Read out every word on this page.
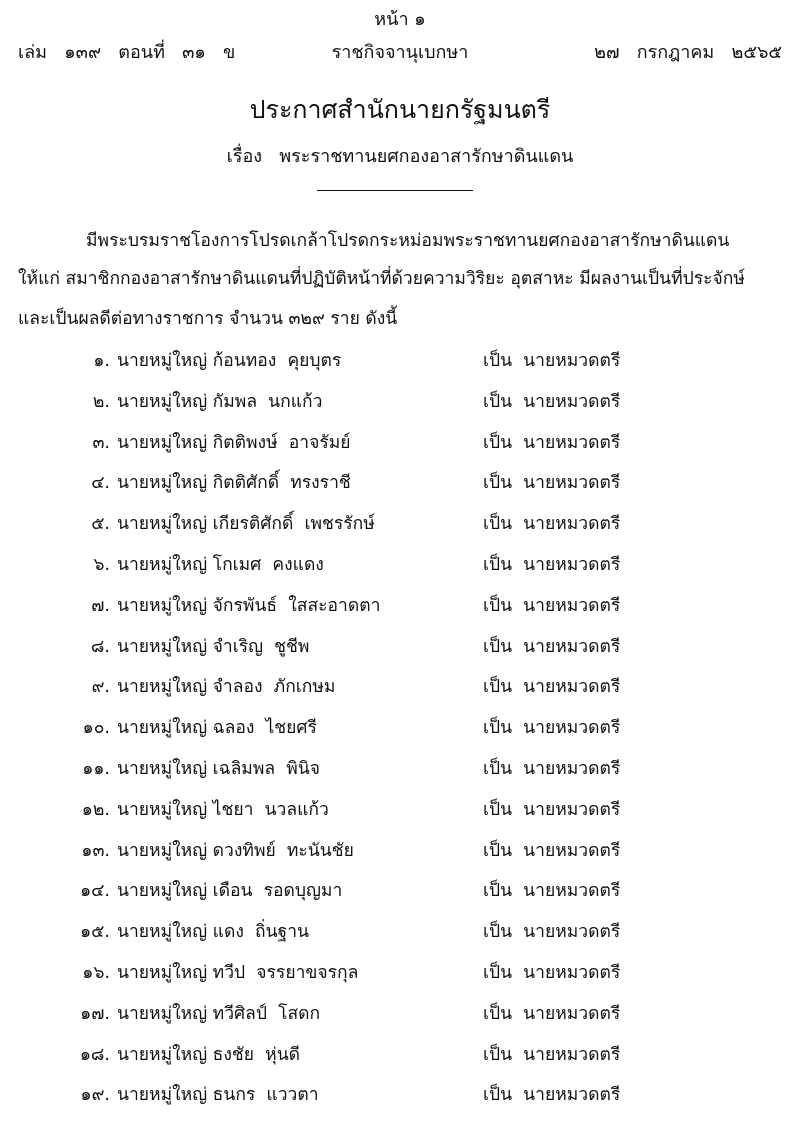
หน้า ๑
ราชกิจจานุเบกษา
เล่ม   ๑๓๙   ตอนที่   ๓๑   ข	๒๗   กรกฎาคม   ๒๕๖๕
ประกาศสำนักนายกรัฐมนตรี
เรื่อง   พระราชทานยศกองอาสารักษาดินแดน
มีพระบรมราชโองการโปรดเกล้าโปรดกระหม่อมพระราชทานยศกองอาสารักษาดินแดน
ให้แก่ สมาชิกกองอาสารักษาดินแดนที่ปฏิบัติหน้าที่ด้วยความวิริยะ อุตสาหะ มีผลงานเป็นที่ประจักษ์
และเป็นผลดีต่อทางราชการ จำนวน ๓๒๙ ราย ดังนี้
๑. นายหมู่ใหญ่ ก้อนทอง  คุยบุตร	เป็น  นายหมวดตรี
๒. นายหมู่ใหญ่ กัมพล  นกแก้ว	เป็น  นายหมวดตรี
๓. นายหมู่ใหญ่ กิตติพงษ์  อาจรัมย์	เป็น  นายหมวดตรี
๔. นายหมู่ใหญ่ กิตติศักดิ์  ทรงราชี	เป็น  นายหมวดตรี
๕. นายหมู่ใหญ่ เกียรติศักดิ์  เพชรรักษ์	เป็น  นายหมวดตรี
๖. นายหมู่ใหญ่ โกเมศ  คงแดง	เป็น  นายหมวดตรี
๗. นายหมู่ใหญ่ จักรพันธ์  ใสสะอาดตา	เป็น  นายหมวดตรี
๘. นายหมู่ใหญ่ จำเริญ  ชูชีพ	เป็น  นายหมวดตรี
๙. นายหมู่ใหญ่ จำลอง  ภักเกษม	เป็น  นายหมวดตรี
๑๐. นายหมู่ใหญ่ ฉลอง  ไชยศรี	เป็น  นายหมวดตรี
๑๑. นายหมู่ใหญ่ เฉลิมพล  พินิจ	เป็น  นายหมวดตรี
๑๒. นายหมู่ใหญ่ ไชยา  นวลแก้ว	เป็น  นายหมวดตรี
๑๓. นายหมู่ใหญ่ ดวงทิพย์  ทะนันชัย	เป็น  นายหมวดตรี
๑๔. นายหมู่ใหญ่ เดือน  รอดบุญมา	เป็น  นายหมวดตรี
๑๕. นายหมู่ใหญ่ แดง  ถิ่นฐาน	เป็น  นายหมวดตรี
๑๖. นายหมู่ใหญ่ ทวีป  จรรยาขจรกุล	เป็น  นายหมวดตรี
๑๗. นายหมู่ใหญ่ ทวีศิลป์  โสดก	เป็น  นายหมวดตรี
๑๘. นายหมู่ใหญ่ ธงชัย  หุ่นดี	เป็น  นายหมวดตรี
๑๙. นายหมู่ใหญ่ ธนกร  แววตา	เป็น  นายหมวดตรี
